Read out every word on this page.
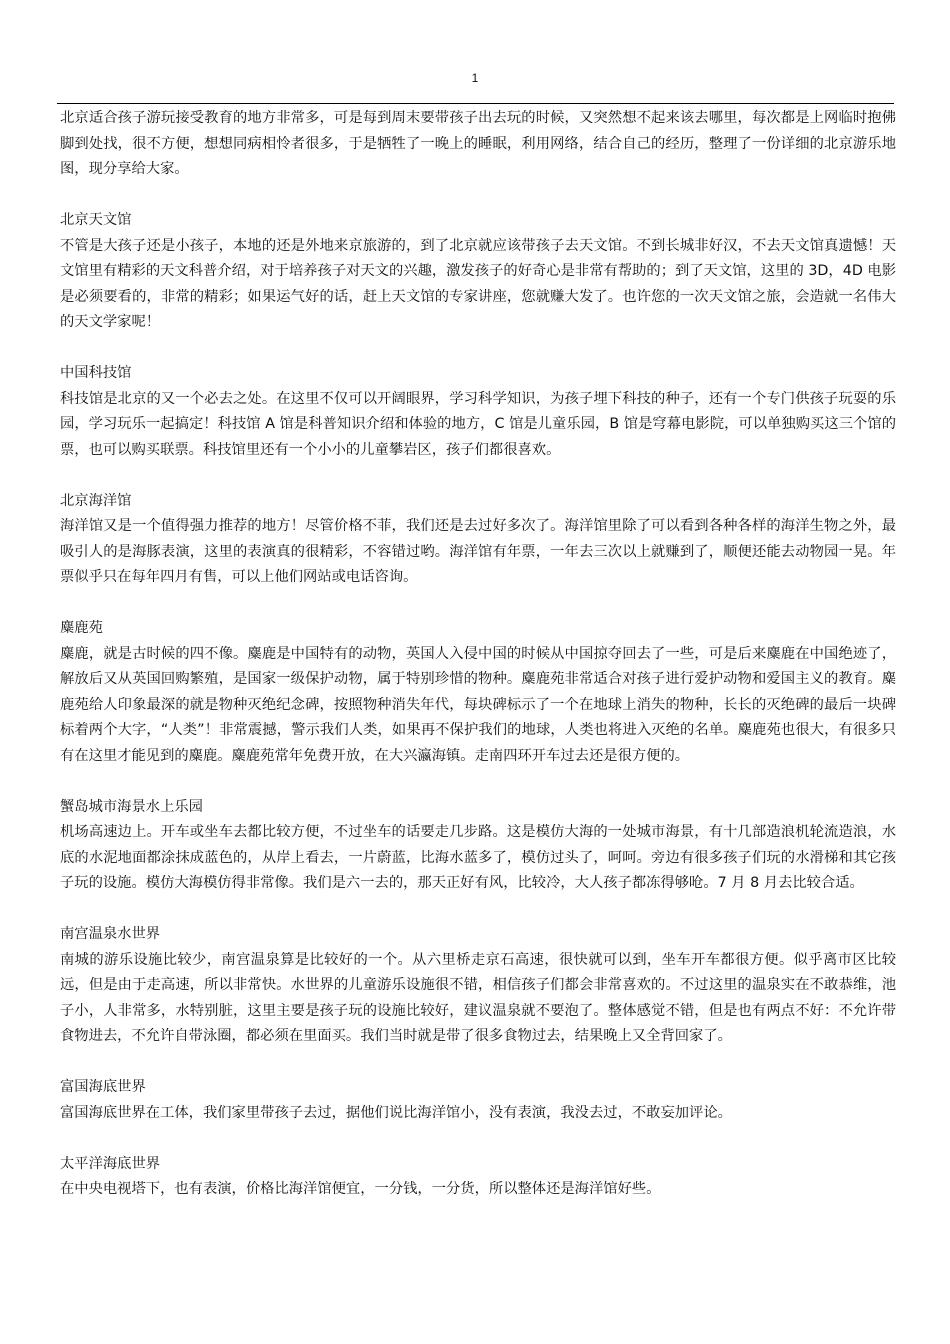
1

北京适合孩子游玩接受教育的地方非常多，可是每到周末要带孩子出去玩的时候，又突然想不起来该去哪里，每次都是上网临时抱佛脚到处找，很不方便，想想同病相怜者很多，于是牺牲了一晚上的睡眠，利用网络，结合自己的经历，整理了一份详细的北京游乐地图，现分享给大家。

北京天文馆

不管是大孩子还是小孩子，本地的还是外地来京旅游的，到了北京就应该带孩子去天文馆。不到长城非好汉，不去天文馆真遗憾！天文馆里有精彩的天文科普介绍，对于培养孩子对天文的兴趣，激发孩子的好奇心是非常有帮助的；到了天文馆，这里的 3D，4D 电影是必须要看的，非常的精彩；如果运气好的话，赶上天文馆的专家讲座，您就赚大发了。也许您的一次天文馆之旅，会造就一名伟大的天文学家呢！

中国科技馆

科技馆是北京的又一个必去之处。在这里不仅可以开阔眼界，学习科学知识，为孩子埋下科技的种子，还有一个专门供孩子玩耍的乐园，学习玩乐一起搞定！科技馆 A 馆是科普知识介绍和体验的地方，C 馆是儿童乐园，B 馆是穹幕电影院，可以单独购买这三个馆的票，也可以购买联票。科技馆里还有一个小小的儿童攀岩区，孩子们都很喜欢。

北京海洋馆

海洋馆又是一个值得强力推荐的地方！尽管价格不菲，我们还是去过好多次了。海洋馆里除了可以看到各种各样的海洋生物之外，最吸引人的是海豚表演，这里的表演真的很精彩，不容错过哟。海洋馆有年票，一年去三次以上就赚到了，顺便还能去动物园一晃。年票似乎只在每年四月有售，可以上他们网站或电话咨询。

麋鹿苑

麋鹿，就是古时候的四不像。麋鹿是中国特有的动物，英国人入侵中国的时候从中国掠夺回去了一些，可是后来麋鹿在中国绝迹了，解放后又从英国回购繁殖，是国家一级保护动物，属于特别珍惜的物种。麋鹿苑非常适合对孩子进行爱护动物和爱国主义的教育。麋鹿苑给人印象最深的就是物种灭绝纪念碑，按照物种消失年代，每块碑标示了一个在地球上消失的物种，长长的灭绝碑的最后一块碑标着两个大字，“人类”！非常震撼，警示我们人类，如果再不保护我们的地球，人类也将进入灭绝的名单。麋鹿苑也很大，有很多只有在这里才能见到的麋鹿。麋鹿苑常年免费开放，在大兴瀛海镇。走南四环开车过去还是很方便的。

蟹岛城市海景水上乐园

机场高速边上。开车或坐车去都比较方便，不过坐车的话要走几步路。这是模仿大海的一处城市海景，有十几部造浪机轮流造浪，水底的水泥地面都涂抹成蓝色的，从岸上看去，一片蔚蓝，比海水蓝多了，模仿过头了，呵呵。旁边有很多孩子们玩的水滑梯和其它孩子玩的设施。模仿大海模仿得非常像。我们是六一去的，那天正好有风，比较冷，大人孩子都冻得够呛。7 月 8 月去比较合适。

南宫温泉水世界

南城的游乐设施比较少，南宫温泉算是比较好的一个。从六里桥走京石高速，很快就可以到，坐车开车都很方便。似乎离市区比较远，但是由于走高速，所以非常快。水世界的儿童游乐设施很不错，相信孩子们都会非常喜欢的。不过这里的温泉实在不敢恭维，池子小，人非常多，水特别脏，这里主要是孩子玩的设施比较好，建议温泉就不要泡了。整体感觉不错，但是也有两点不好：不允许带食物进去，不允许自带泳圈，都必须在里面买。我们当时就是带了很多食物过去，结果晚上又全背回家了。

富国海底世界

富国海底世界在工体，我们家里带孩子去过，据他们说比海洋馆小，没有表演，我没去过，不敢妄加评论。

太平洋海底世界

在中央电视塔下，也有表演，价格比海洋馆便宜，一分钱，一分货，所以整体还是海洋馆好些。
